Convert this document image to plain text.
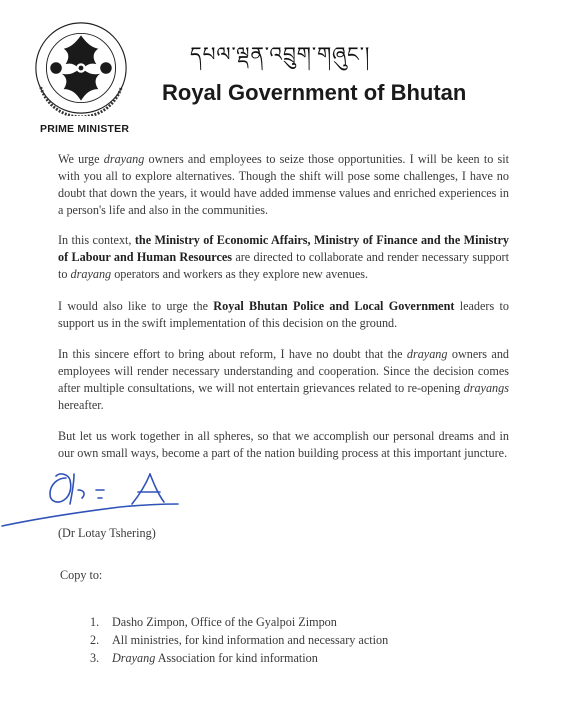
དཔལ་ལྡན་འབྲུག་གཞུང་།
Royal Government of Bhutan
PRIME MINISTER
We urge drayang owners and employees to seize those opportunities. I will be keen to sit with you all to explore alternatives. Though the shift will pose some challenges, I have no doubt that down the years, it would have added immense values and enriched experiences in a person's life and also in the communities.
In this context, the Ministry of Economic Affairs, Ministry of Finance and the Ministry of Labour and Human Resources are directed to collaborate and render necessary support to drayang operators and workers as they explore new avenues.
I would also like to urge the Royal Bhutan Police and Local Government leaders to support us in the swift implementation of this decision on the ground.
In this sincere effort to bring about reform, I have no doubt that the drayang owners and employees will render necessary understanding and cooperation. Since the decision comes after multiple consultations, we will not entertain grievances related to re-opening drayangs hereafter.
But let us work together in all spheres, so that we accomplish our personal dreams and in our own small ways, become a part of the nation building process at this important juncture.
(Dr Lotay Tshering)
Copy to:
1.	Dasho Zimpon, Office of the Gyalpoi Zimpon
2.	All ministries, for kind information and necessary action
3.	Drayang Association for kind information
